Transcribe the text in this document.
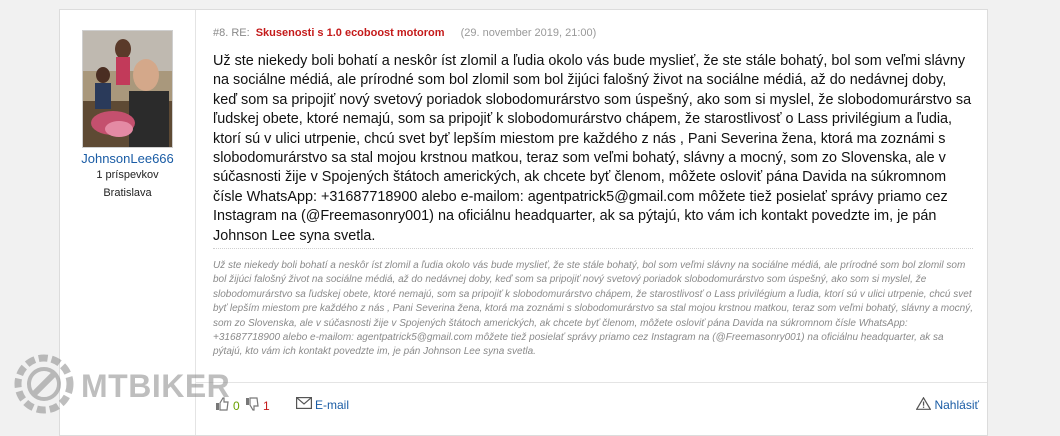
JohnsonLee666
1 príspevkov
Bratislava
#8. RE: Skusenosti s 1.0 ecoboost motorom (29. november 2019, 21:00)
Už ste niekedy boli bohatí a neskôr íst zlomil a ľudia okolo vás bude myslieť, že ste stále bohatý, bol som veľmi slávny na sociálne médiá, ale prírodné som bol zlomil som bol žijúci falošný život na sociálne médiá, až do nedávnej doby, keď som sa pripojiť nový svetový poriadok slobodomurárstvo som úspešný, ako som si myslel, že slobodomurárstvo sa ľudskej obete, ktoré nemajú, som sa pripojiť k slobodomurárstvo chápem, že starostlivosť o Lass privilégium a ľudia, ktorí sú v ulici utrpenie, chcú svet byť lepším miestom pre každého z nás , Pani Severina žena, ktorá ma zoznámi s slobodomurárstvo sa stal mojou krstnou matkou, teraz som veľmi bohatý, slávny a mocný, som zo Slovenska, ale v súčasnosti žije v Spojených štátoch amerických, ak chcete byť členom, môžete osloviť pána Davida na súkromnom čísle WhatsApp: +31687718900 alebo e-mailom: agentpatrick5@gmail.com môžete tiež posielať správy priamo cez Instagram na (@Freemasonry001) na oficiálnu headquarter, ak sa pýtajú, kto vám ich kontakt povedzte im, je pán Johnson Lee syna svetla.
Už ste niekedy boli bohatí a neskôr íst zlomil a ľudia okolo vás bude myslieť, že ste stále bohatý, bol som veľmi slávny na sociálne médiá, ale prírodné som bol zlomil som bol žijúci falošný život na sociálne médiá, až do nedávnej doby, keď som sa pripojiť nový svetový poriadok slobodomurárstvo som úspešný, ako som si myslel, že slobodomurárstvo sa ľudskej obete, ktoré nemajú, som sa pripojiť k slobodomurárstvo chápem, že starostlivosť o Lass privilégium a ľudia, ktorí sú v ulici utrpenie, chcú svet byť lepším miestom pre každého z nás , Pani Severina žena, ktorá ma zoznámi s slobodomurárstvo sa stal mojou krstnou matkou, teraz som veľmi bohatý, slávny a mocný, som zo Slovenska, ale v súčasnosti žije v Spojených štátoch amerických, ak chcete byť členom, môžete osloviť pána Davida na súkromnom čísle WhatsApp: +31687718900 alebo e-mailom: agentpatrick5@gmail.com môžete tiež posielať správy priamo cez Instagram na (@Freemasonry001) na oficiálnu headquarter, ak sa pýtajú, kto vám ich kontakt povedzte im, je pán Johnson Lee syna svetla.
0 1	E-mail	Nahlásiť
MTBIKER
